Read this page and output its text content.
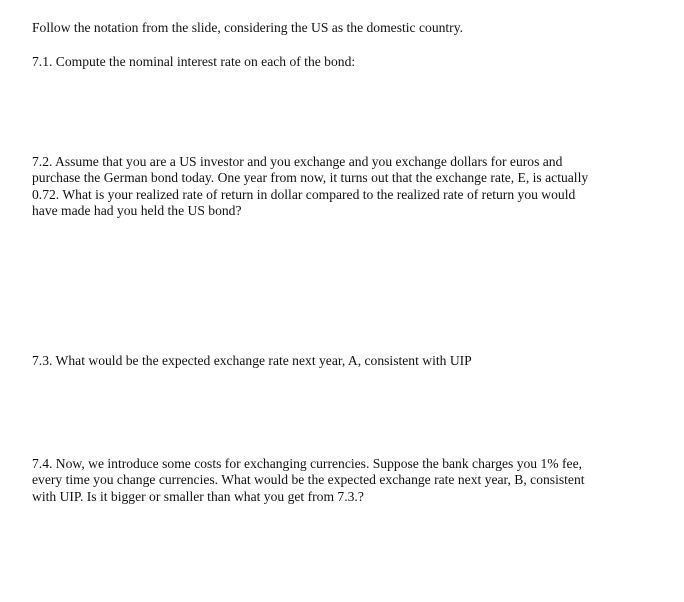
Follow the notation from the slide, considering the US as the domestic country.

7.1. Compute the nominal interest rate on each of the bond:

7.2. Assume that you are a US investor and you exchange and you exchange dollars for euros and
purchase the German bond today. One year from now, it turns out that the exchange rate, E, is actually
0.72. What is your realized rate of return in dollar compared to the realized rate of return you would
have made had you held the US bond?

7.3. What would be the expected exchange rate next year, A, consistent with UIP

7.4. Now, we introduce some costs for exchanging currencies. Suppose the bank charges you 1% fee,
every time you change currencies. What would be the expected exchange rate next year, B, consistent
with UIP. Is it bigger or smaller than what you get from 7.3.?
